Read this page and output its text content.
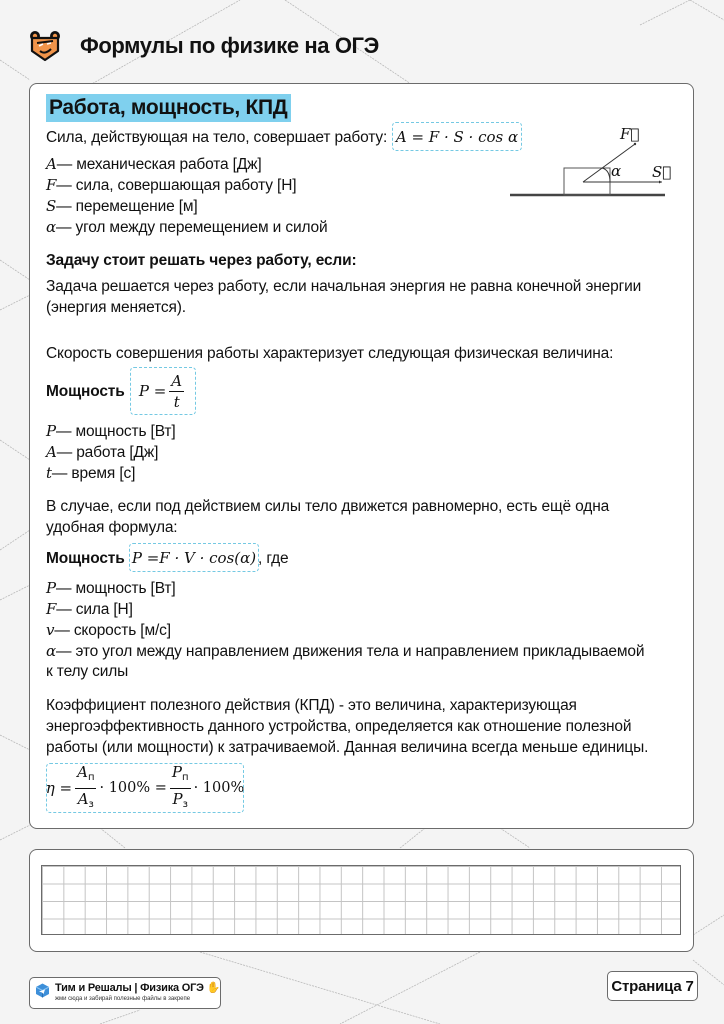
Формулы по физике на ОГЭ
Работа, мощность, КПД
Сила, действующая на тело, совершает работу: A = F · S · cos α	F⃗
α S⃗
A— механическая работа [Дж]
F— сила, совершающая работу [Н]
S— перемещение [м]
α— угол между перемещением и силой
Задачу стоит решать через работу, если:
Задача решается через работу, если начальная энергия не равна конечной энергии
(энергия меняется).
Скорость совершения работы характеризует следующая физическая величина:
Мощность $P = \frac{A}{t}$
P— мощность [Вт]
A— работа [Дж]
t— время [с]
В случае, если под действием силы тело движется равномерно, есть ещё одна
удобная формула:
Мощность P =F · V · cos(α) , где
P— мощность [Вт]
F— сила [Н]
v— скорость [м/с]
α— это угол между направлением движения тела и направлением прикладываемой
к телу силы
Коэффициент полезного действия (КПД) - это величина, характеризующая
энергоэффективность данного устройства, определяется как отношение полезной
работы (или мощности) к затрачиваемой. Данная величина всегда меньше единицы.
$\eta = \frac{A_п}{A_з} \cdot 100\% = \frac{P_п}{P_з} \cdot 100\%$
Тим и Решалы | Физика ОГЭ ✋
жми сюда и забирай полезные файлы в закрепе
Страница 7
